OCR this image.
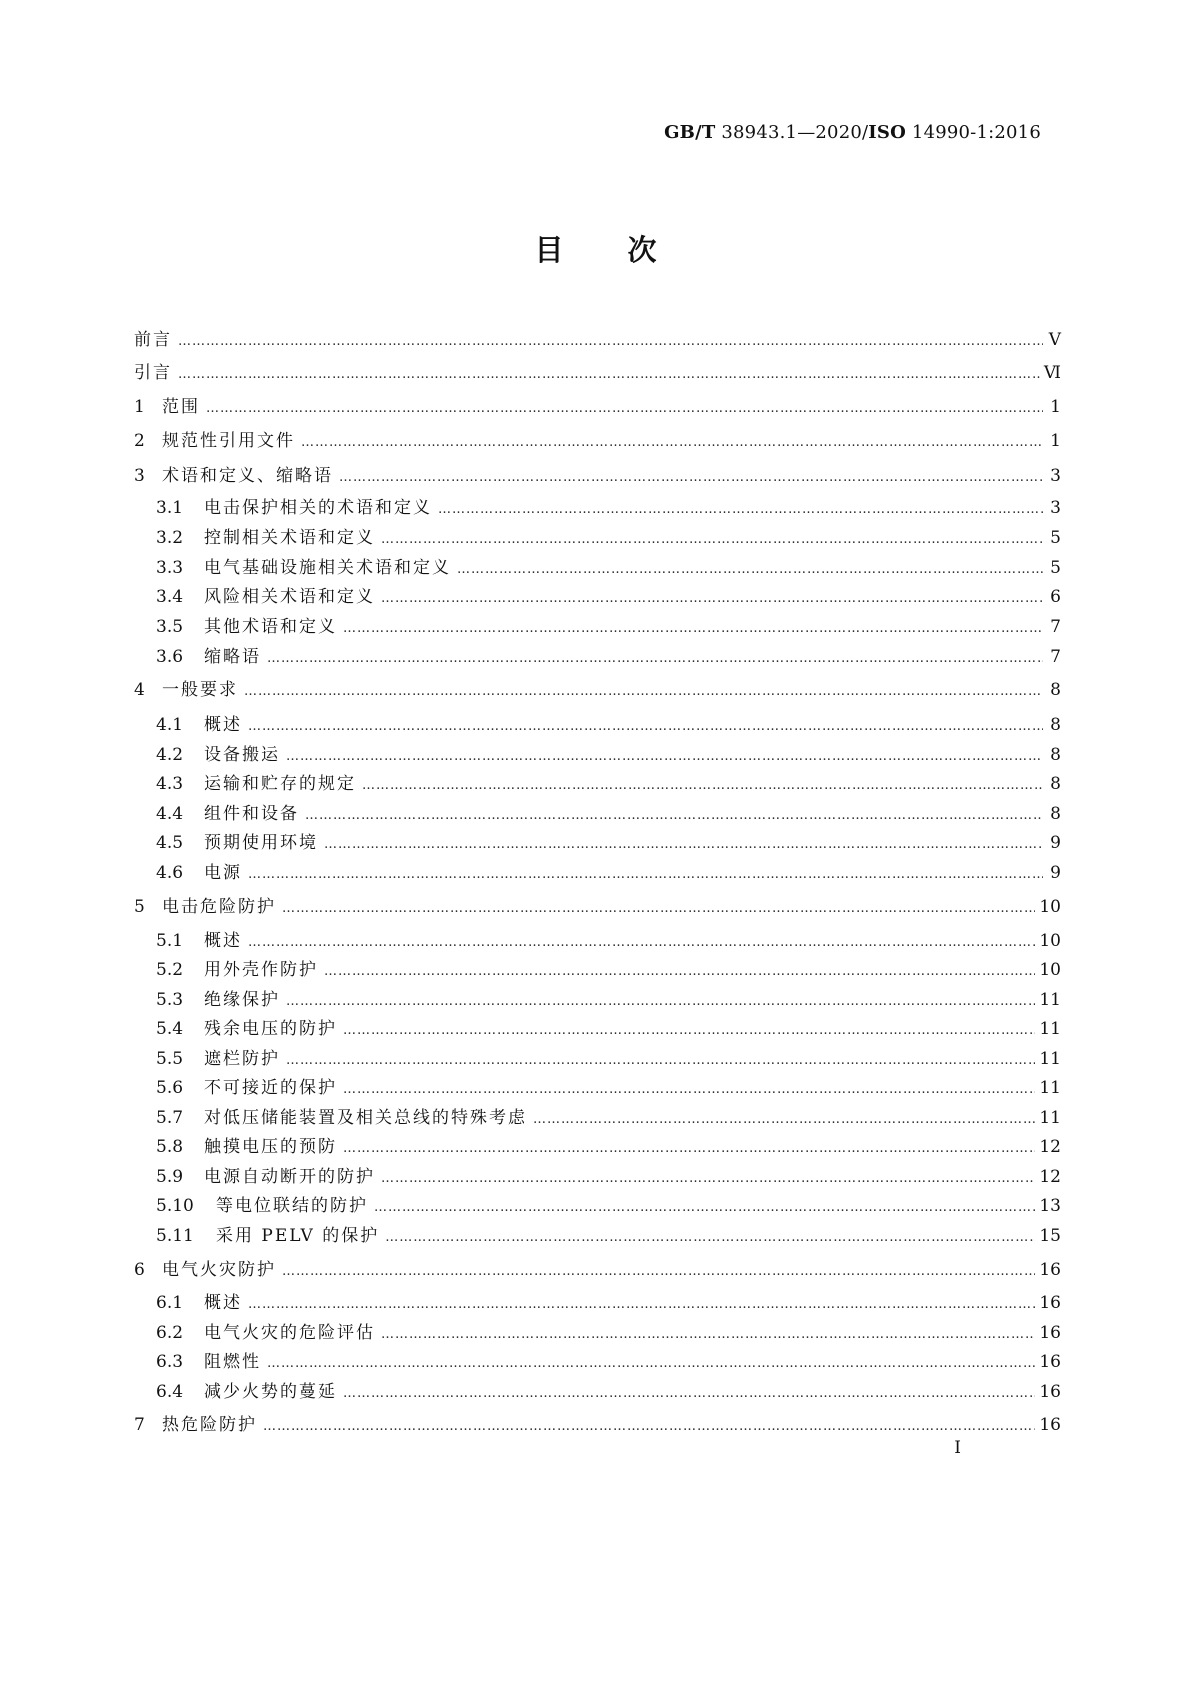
GB/T 38943.1—2020/ISO 14990-1:2016
目次
前言 …………………………………………………………………………………………………………………………………………………………………………………………………………………………………………………………………………	Ⅴ
引言 …………………………………………………………………………………………………………………………………………………………………………………………………………………………………………………………………………	Ⅵ
1	范围 …………………………………………………………………………………………………………………………………………………………………………………………………………………………………………………………………………	1
2	规范性引用文件 …………………………………………………………………………………………………………………………………………………………………………………………………………………………………………………………………………	1
3	术语和定义、缩略语 …………………………………………………………………………………………………………………………………………………………………………………………………………………………………………………………………………	3
3.1	电击保护相关的术语和定义 …………………………………………………………………………………………………………………………………………………………………………………………………………………………………………………………………………	3
3.2	控制相关术语和定义 …………………………………………………………………………………………………………………………………………………………………………………………………………………………………………………………………………	5
3.3	电气基础设施相关术语和定义 …………………………………………………………………………………………………………………………………………………………………………………………………………………………………………………………………………	5
3.4	风险相关术语和定义 …………………………………………………………………………………………………………………………………………………………………………………………………………………………………………………………………………	6
3.5	其他术语和定义 …………………………………………………………………………………………………………………………………………………………………………………………………………………………………………………………………………	7
3.6	缩略语 …………………………………………………………………………………………………………………………………………………………………………………………………………………………………………………………………………	7
4	一般要求 …………………………………………………………………………………………………………………………………………………………………………………………………………………………………………………………………………	8
4.1	概述 …………………………………………………………………………………………………………………………………………………………………………………………………………………………………………………………………………	8
4.2	设备搬运 …………………………………………………………………………………………………………………………………………………………………………………………………………………………………………………………………………	8
4.3	运输和贮存的规定 …………………………………………………………………………………………………………………………………………………………………………………………………………………………………………………………………………	8
4.4	组件和设备 …………………………………………………………………………………………………………………………………………………………………………………………………………………………………………………………………………	8
4.5	预期使用环境 …………………………………………………………………………………………………………………………………………………………………………………………………………………………………………………………………………	9
4.6	电源 …………………………………………………………………………………………………………………………………………………………………………………………………………………………………………………………………………	9
5	电击危险防护 …………………………………………………………………………………………………………………………………………………………………………………………………………………………………………………………………………	10
5.1	概述 …………………………………………………………………………………………………………………………………………………………………………………………………………………………………………………………………………	10
5.2	用外壳作防护 …………………………………………………………………………………………………………………………………………………………………………………………………………………………………………………………………………	10
5.3	绝缘保护 …………………………………………………………………………………………………………………………………………………………………………………………………………………………………………………………………………	11
5.4	残余电压的防护 …………………………………………………………………………………………………………………………………………………………………………………………………………………………………………………………………………	11
5.5	遮栏防护 …………………………………………………………………………………………………………………………………………………………………………………………………………………………………………………………………………	11
5.6	不可接近的保护 …………………………………………………………………………………………………………………………………………………………………………………………………………………………………………………………………………	11
5.7	对低压储能装置及相关总线的特殊考虑 …………………………………………………………………………………………………………………………………………………………………………………………………………………………………………………………………………	11
5.8	触摸电压的预防 …………………………………………………………………………………………………………………………………………………………………………………………………………………………………………………………………………	12
5.9	电源自动断开的防护 …………………………………………………………………………………………………………………………………………………………………………………………………………………………………………………………………………	12
5.10	等电位联结的防护 …………………………………………………………………………………………………………………………………………………………………………………………………………………………………………………………………………	13
5.11	采用 PELV 的保护 …………………………………………………………………………………………………………………………………………………………………………………………………………………………………………………………………………	15
6	电气火灾防护 …………………………………………………………………………………………………………………………………………………………………………………………………………………………………………………………………………	16
6.1	概述 …………………………………………………………………………………………………………………………………………………………………………………………………………………………………………………………………………	16
6.2	电气火灾的危险评估 …………………………………………………………………………………………………………………………………………………………………………………………………………………………………………………………………………	16
6.3	阻燃性 …………………………………………………………………………………………………………………………………………………………………………………………………………………………………………………………………………	16
6.4	减少火势的蔓延 …………………………………………………………………………………………………………………………………………………………………………………………………………………………………………………………………………	16
7	热危险防护 …………………………………………………………………………………………………………………………………………………………………………………………………………………………………………………………………………	16
I
